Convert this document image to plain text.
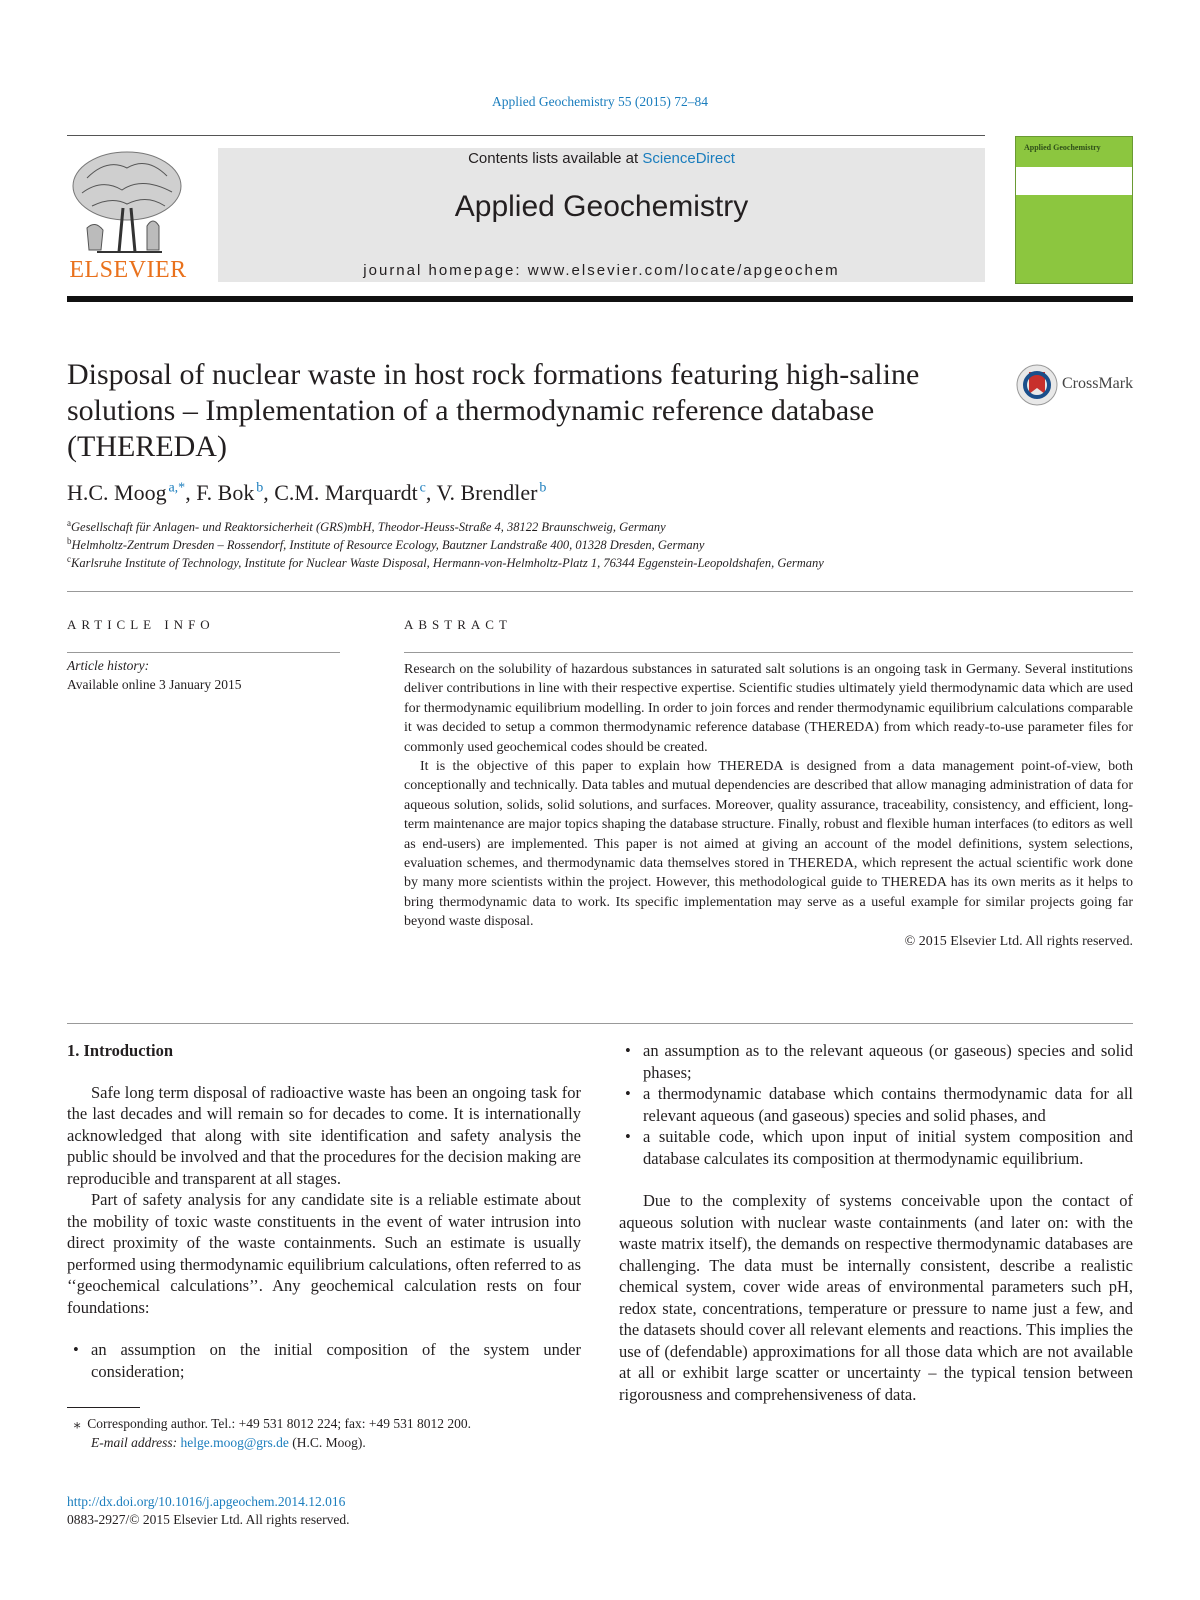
Applied Geochemistry 55 (2015) 72–84
ELSEVIER
Contents lists available at ScienceDirect
Applied Geochemistry
journal homepage: www.elsevier.com/locate/apgeochem
Applied Geochemistry
Disposal of nuclear waste in host rock formations featuring high-saline solutions – Implementation of a thermodynamic reference database (THEREDA)
CrossMark
H.C. Moog  $^{a,*}$, F. Bok  $^b$, C.M. Marquardt  $^c$, V. Brendler  $^b$
$^a$Gesellschaft für Anlagen- und Reaktorsicherheit (GRS)mbH, Theodor-Heuss-Straße 4, 38122 Braunschweig, Germany
$^b$Helmholtz-Zentrum Dresden – Rossendorf, Institute of Resource Ecology, Bautzner Landstraße 400, 01328 Dresden, Germany
$^c$Karlsruhe Institute of Technology, Institute for Nuclear Waste Disposal, Hermann-von-Helmholtz-Platz 1, 76344 Eggenstein-Leopoldshafen, Germany
ARTICLE INFO
Article history:
Available online 3 January 2015
ABSTRACT

Research on the solubility of hazardous substances in saturated salt solutions is an ongoing task in Germany. Several institutions deliver contributions in line with their respective expertise. Scientific studies ultimately yield thermodynamic data which are used for thermodynamic equilibrium modelling. In order to join forces and render thermodynamic equilibrium calculations comparable it was decided to setup a common thermodynamic reference database (THEREDA) from which ready-to-use parameter files for commonly used geochemical codes should be created.

It is the objective of this paper to explain how THEREDA is designed from a data management point-of-view, both conceptionally and technically. Data tables and mutual dependencies are described that allow managing administration of data for aqueous solution, solids, solid solutions, and surfaces. Moreover, quality assurance, traceability, consistency, and efficient, long-term maintenance are major topics shaping the database structure. Finally, robust and flexible human interfaces (to editors as well as end-users) are implemented. This paper is not aimed at giving an account of the model definitions, system selections, evaluation schemes, and thermodynamic data themselves stored in THEREDA, which represent the actual scientific work done by many more scientists within the project. However, this methodological guide to THEREDA has its own merits as it helps to bring thermodynamic data to work. Its specific implementation may serve as a useful example for similar projects going far beyond waste disposal.

© 2015 Elsevier Ltd. All rights reserved.
1. Introduction

Safe long term disposal of radioactive waste has been an ongoing task for the last decades and will remain so for decades to come. It is internationally acknowledged that along with site identification and safety analysis the public should be involved and that the procedures for the decision making are reproducible and transparent at all stages.

Part of safety analysis for any candidate site is a reliable estimate about the mobility of toxic waste constituents in the event of water intrusion into direct proximity of the waste containments. Such an estimate is usually performed using thermodynamic equilibrium calculations, often referred to as ‘‘geochemical calculations’’. Any geochemical calculation rests on four foundations:

• an assumption on the initial composition of the system under consideration;
• an assumption as to the relevant aqueous (or gaseous) species and solid phases;
• a thermodynamic database which contains thermodynamic data for all relevant aqueous (and gaseous) species and solid phases, and
• a suitable code, which upon input of initial system composition and database calculates its composition at thermodynamic equilibrium.

Due to the complexity of systems conceivable upon the contact of aqueous solution with nuclear waste containments (and later on: with the waste matrix itself), the demands on respective thermodynamic databases are challenging. The data must be internally consistent, describe a realistic chemical system, cover wide areas of environmental parameters such pH, redox state, concentrations, temperature or pressure to name just a few, and the datasets should cover all relevant elements and reactions. This implies the use of (defendable) approximations for all those data which are not available at all or exhibit large scatter or uncertainty – the typical tension between rigorousness and comprehensiveness of data.

⁎ Corresponding author. Tel.: +49 531 8012 224; fax: +49 531 8012 200.
E-mail address: helge.moog@grs.de (H.C. Moog).
http://dx.doi.org/10.1016/j.apgeochem.2014.12.016
0883-2927/© 2015 Elsevier Ltd. All rights reserved.
